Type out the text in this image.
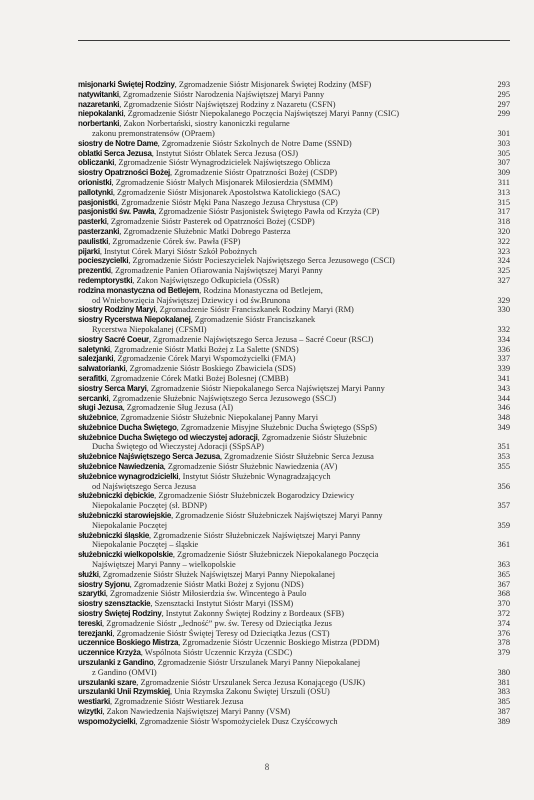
misjonarki Świętej Rodziny, Zgromadzenie Sióstr Misjonarek Świętej Rodziny (MSF)	293
natywitanki, Zgromadzenie Sióstr Narodzenia Najświętszej Maryi Panny	295
nazaretanki, Zgromadzenie Sióstr Najświętszej Rodziny z Nazaretu (CSFN)	297
niepokalanki, Zgromadzenie Sióstr Niepokalanego Poczęcia Najświętszej Maryi Panny (CSIC)	299
norbertanki, Zakon Norbertański, siostry kanoniczki regularne
zakonu premonstratensów (OPraem)	301
siostry de Notre Dame, Zgromadzenie Sióstr Szkolnych de Notre Dame (SSND)	303
oblatki Serca Jezusa, Instytut Sióstr Oblatek Serca Jezusa (OSJ)	305
obliczanki, Zgromadzenie Sióstr Wynagrodzicielek Najświętszego Oblicza	307
siostry Opatrzności Bożej, Zgromadzenie Sióstr Opatrzności Bożej (CSDP)	309
orionistki, Zgromadzenie Sióstr Małych Misjonarek Miłosierdzia (SMMM)	311
pallotynki, Zgromadzenie Sióstr Misjonarek Apostolstwa Katolickiego (SAC)	313
pasjonistki, Zgromadzenie Sióstr Męki Pana Naszego Jezusa Chrystusa (CP)	315
pasjonistki św. Pawła, Zgromadzenie Sióstr Pasjonistek Świętego Pawła od Krzyża (CP)	317
pasterki, Zgromadzenie Sióstr Pasterek od Opatrzności Bożej (CSDP)	318
pasterzanki, Zgromadzenie Służebnic Matki Dobrego Pasterza	320
paulistki, Zgromadzenie Córek św. Pawła (FSP)	322
pijarki, Instytut Córek Maryi Sióstr Szkół Pobożnych	323
pocieszycielki, Zgromadzenie Sióstr Pocieszycielek Najświętszego Serca Jezusowego (CSCI)	324
prezentki, Zgromadzenie Panien Ofiarowania Najświętszej Maryi Panny	325
redemptorystki, Zakon Najświętszego Odkupiciela (OSsR)	327
rodzina monastyczna od Betlejem, Rodzina Monastyczna od Betlejem,
od Wniebowzięcia Najświętszej Dziewicy i od św.Brunona	329
siostry Rodziny Maryi, Zgromadzenie Sióstr Franciszkanek Rodziny Maryi (RM)	330
siostry Rycerstwa Niepokalanej, Zgromadzenie Sióstr Franciszkanek
Rycerstwa Niepokalanej (CFSMI)	332
siostry Sacré Coeur, Zgromadzenie Najświętszego Serca Jezusa – Sacré Coeur (RSCJ)	334
saletynki, Zgromadzenie Sióstr Matki Bożej z La Salette (SNDS)	336
salezjanki, Zgromadzenie Córek Maryi Wspomożycielki (FMA)	337
salwatorianki, Zgromadzenie Sióstr Boskiego Zbawiciela (SDS)	339
serafitki, Zgromadzenie Córek Matki Bożej Bolesnej (CMBB)	341
siostry Serca Maryi, Zgromadzenie Sióstr Niepokalanego Serca Najświętszej Maryi Panny	343
sercanki, Zgromadzenie Służebnic Najświętszego Serca Jezusowego (SSCJ)	344
sługi Jezusa, Zgromadzenie Sług Jezusa (AI)	346
służebnice, Zgromadzenie Sióstr Służebnic Niepokalanej Panny Maryi	348
służebnice Ducha Świętego, Zgromadzenie Misyjne Służebnic Ducha Świętego (SSpS)	349
służebnice Ducha Świętego od wieczystej adoracji, Zgromadzenie Sióstr Służebnic
Ducha Świętego od Wieczystej Adoracji (SSpSAP)	351
służebnice Najświętszego Serca Jezusa, Zgromadzenie Sióstr Służebnic Serca Jezusa	353
służebnice Nawiedzenia, Zgromadzenie Sióstr Służebnic Nawiedzenia (AV)	355
służebnice wynagrodzicielki, Instytut Sióstr Służebnic Wynagradzających
od Najświętszego Serca Jezusa	356
służebniczki dębickie, Zgromadzenie Sióstr Służebniczek Bogarodzicy Dziewicy
Niepokalanie Poczętej (sł. BDNP)	357
służebniczki starowiejskie, Zgromadzenie Sióstr Służebniczek Najświętszej Maryi Panny
Niepokalanie Poczętej	359
służebniczki śląskie, Zgromadzenie Sióstr Służebniczek Najświętszej Maryi Panny
Niepokalanie Poczętej – śląskie	361
służebniczki wielkopolskie, Zgromadzenie Sióstr Służebniczek Niepokalanego Poczęcia
Najświętszej Maryi Panny – wielkopolskie	363
służki, Zgromadzenie Sióstr Służek Najświętszej Maryi Panny Niepokalanej	365
siostry Syjonu, Zgromadzenie Sióstr Matki Bożej z Syjonu (NDS)	367
szarytki, Zgromadzenie Sióstr Miłosierdzia św. Wincentego à Paulo	368
siostry szensztackie, Szensztacki Instytut Sióstr Maryi (ISSM)	370
siostry Świętej Rodziny, Instytut Zakonny Świętej Rodziny z Bordeaux (SFB)	372
tereski, Zgromadzenie Sióstr „Jedność” pw. św. Teresy od Dzieciątka Jezus	374
terezjanki, Zgromadzenie Sióstr Świętej Teresy od Dzieciątka Jezus (CST)	376
uczennice Boskiego Mistrza, Zgromadzenie Sióstr Uczennic Boskiego Mistrza (PDDM)	378
uczennice Krzyża, Wspólnota Sióstr Uczennic Krzyża (CSDC)	379
urszulanki z Gandino, Zgromadzenie Sióstr Urszulanek Maryi Panny Niepokalanej
z Gandino (OMVI)	380
urszulanki szare, Zgromadzenie Sióstr Urszulanek Serca Jezusa Konającego (USJK)	381
urszulanki Unii Rzymskiej, Unia Rzymska Zakonu Świętej Urszuli (OSU)	383
westiarki, Zgromadzenie Sióstr Westiarek Jezusa	385
wizytki, Zakon Nawiedzenia Najświętszej Maryi Panny (VSM)	387
wspomożycielki, Zgromadzenie Sióstr Wspomożycielek Dusz Czyśćcowych	389
8
